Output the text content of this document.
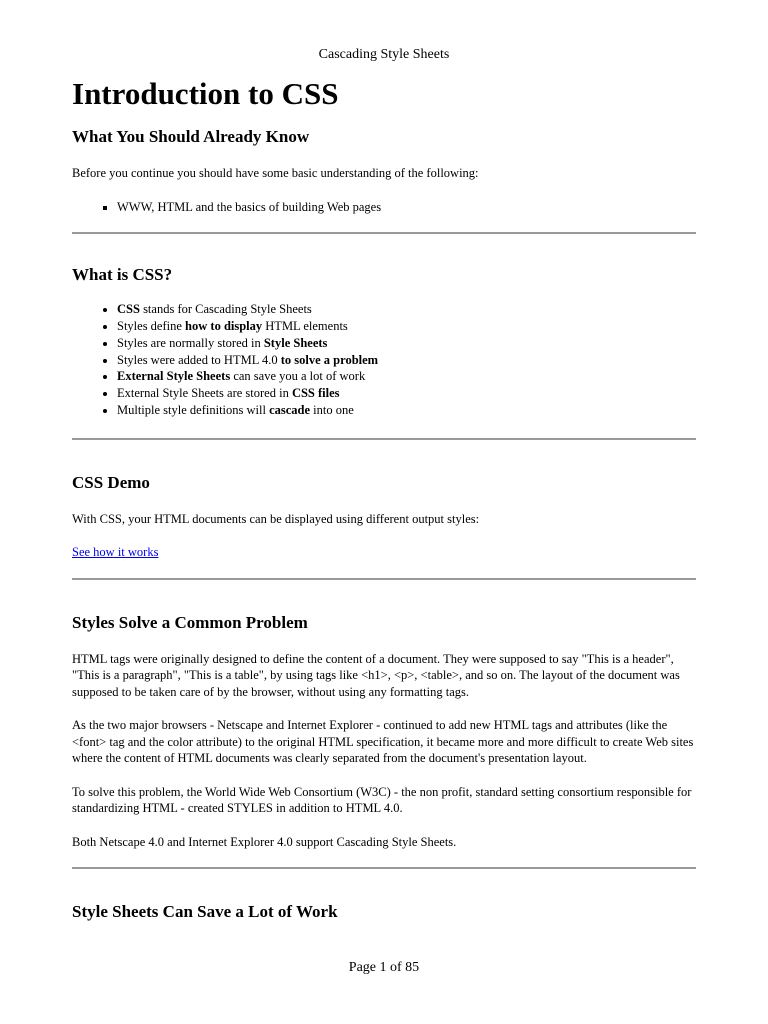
Cascading Style Sheets
Introduction to CSS
What You Should Already Know

Before you continue you should have some basic understanding of the following:

▪ WWW, HTML and the basics of building Web pages
What is CSS?
• CSS stands for Cascading Style Sheets
• Styles define how to display HTML elements
• Styles are normally stored in Style Sheets
• Styles were added to HTML 4.0 to solve a problem
• External Style Sheets can save you a lot of work
• External Style Sheets are stored in CSS files
• Multiple style definitions will cascade into one
CSS Demo

With CSS, your HTML documents can be displayed using different output styles:

See how it works

Styles Solve a Common Problem

HTML tags were originally designed to define the content of a document. They were supposed to say "This is a header", "This is a paragraph", "This is a table", by using tags like <h1>, <p>, <table>, and so on. The layout of the document was supposed to be taken care of by the browser, without using any formatting tags.

As the two major browsers - Netscape and Internet Explorer - continued to add new HTML tags and attributes (like the <font> tag and the color attribute) to the original HTML specification, it became more and more difficult to create Web sites where the content of HTML documents was clearly separated from the document's presentation layout.

To solve this problem, the World Wide Web Consortium (W3C) - the non profit, standard setting consortium responsible for standardizing HTML - created STYLES in addition to HTML 4.0.

Both Netscape 4.0 and Internet Explorer 4.0 support Cascading Style Sheets.

Style Sheets Can Save a Lot of Work
Page 1 of 85
